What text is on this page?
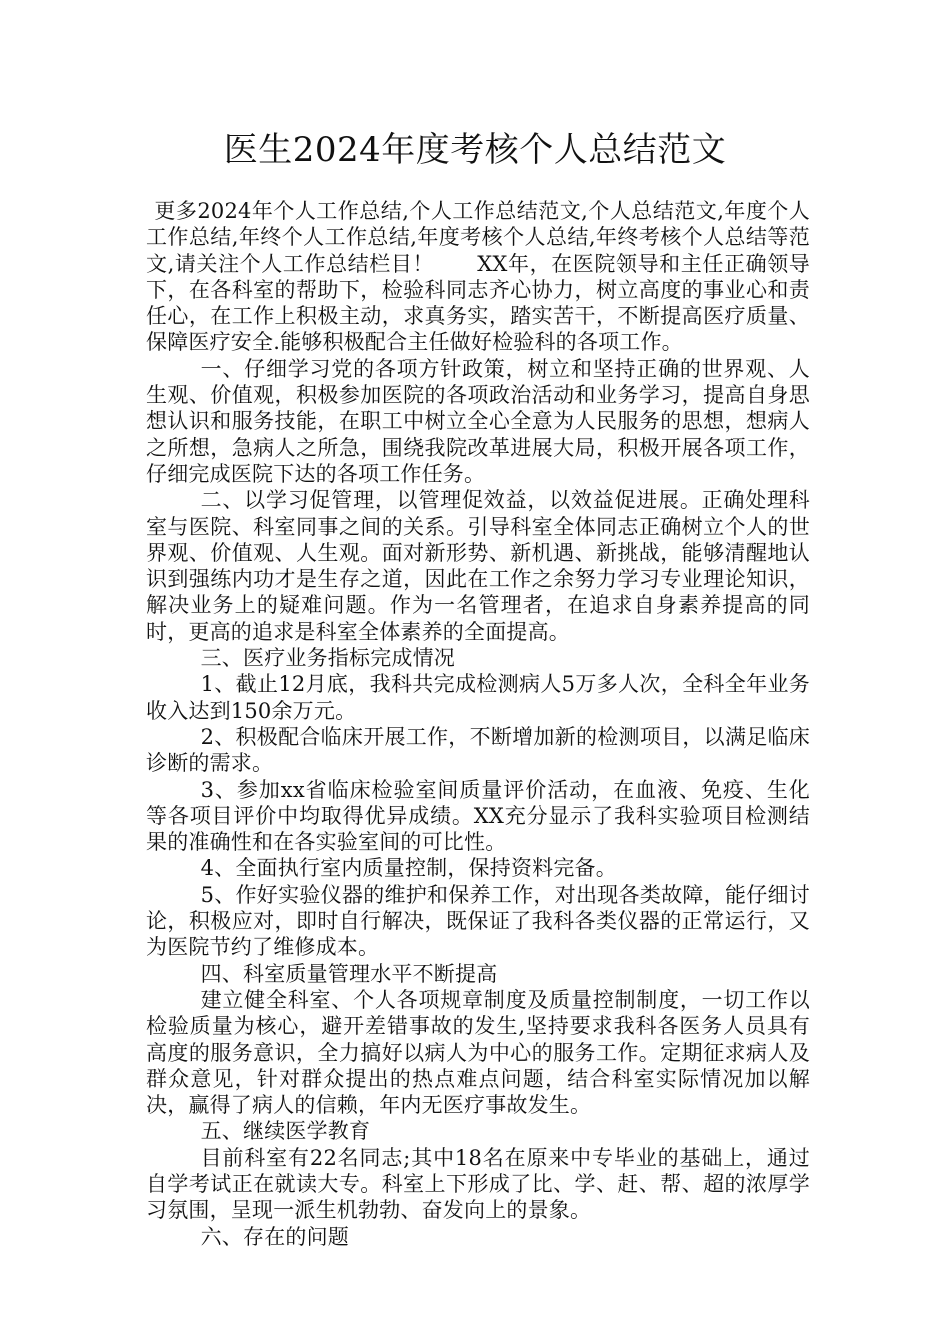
医生2024年度考核个人总结范文

更多2024年个人工作总结,个人工作总结范文,个人总结范文,年度个人工作总结,年终个人工作总结,年度考核个人总结,年终考核个人总结等范文,请关注个人工作总结栏目！　　XX年，在医院领导和主任正确领导下，在各科室的帮助下，检验科同志齐心协力，树立高度的事业心和责任心，在工作上积极主动，求真务实，踏实苦干，不断提高医疗质量、保障医疗安全.能够积极配合主任做好检验科的各项工作。

一、仔细学习党的各项方针政策，树立和坚持正确的世界观、人生观、价值观，积极参加医院的各项政治活动和业务学习，提高自身思想认识和服务技能，在职工中树立全心全意为人民服务的思想，想病人之所想，急病人之所急，围绕我院改革进展大局，积极开展各项工作，仔细完成医院下达的各项工作任务。

二、以学习促管理，以管理促效益，以效益促进展。正确处理科室与医院、科室同事之间的关系。引导科室全体同志正确树立个人的世界观、价值观、人生观。面对新形势、新机遇、新挑战，能够清醒地认识到强练内功才是生存之道，因此在工作之余努力学习专业理论知识，解决业务上的疑难问题。作为一名管理者，在追求自身素养提高的同时，更高的追求是科室全体素养的全面提高。

三、医疗业务指标完成情况

1、截止12月底，我科共完成检测病人5万多人次，全科全年业务收入达到150余万元。

2、积极配合临床开展工作，不断增加新的检测项目，以满足临床诊断的需求。

3、参加xx省临床检验室间质量评价活动，在血液、免疫、生化等各项目评价中均取得优异成绩。XX充分显示了我科实验项目检测结果的准确性和在各实验室间的可比性。

4、全面执行室内质量控制，保持资料完备。

5、作好实验仪器的维护和保养工作，对出现各类故障，能仔细讨论，积极应对，即时自行解决，既保证了我科各类仪器的正常运行，又为医院节约了维修成本。

四、科室质量管理水平不断提高

建立健全科室、个人各项规章制度及质量控制制度，一切工作以检验质量为核心，避开差错事故的发生,坚持要求我科各医务人员具有高度的服务意识，全力搞好以病人为中心的服务工作。定期征求病人及群众意见，针对群众提出的热点难点问题，结合科室实际情况加以解决，赢得了病人的信赖，年内无医疗事故发生。

五、继续医学教育

目前科室有22名同志;其中18名在原来中专毕业的基础上，通过自学考试正在就读大专。科室上下形成了比、学、赶、帮、超的浓厚学习氛围，呈现一派生机勃勃、奋发向上的景象。

六、存在的问题
